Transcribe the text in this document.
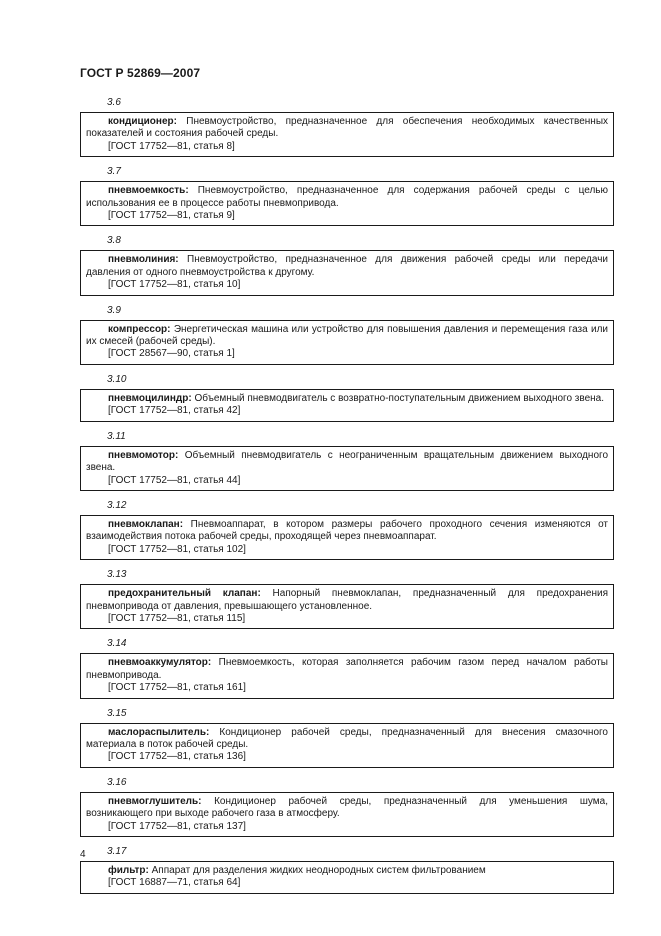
ГОСТ Р 52869—2007
3.6
кондиционер: Пневмоустройство, предназначенное для обеспечения необходимых качественных показателей и состояния рабочей среды.
[ГОСТ 17752—81, статья 8]
3.7
пневмоемкость: Пневмоустройство, предназначенное для содержания рабочей среды с целью использования ее в процессе работы пневмопривода.
[ГОСТ 17752—81, статья 9]
3.8
пневмолиния: Пневмоустройство, предназначенное для движения рабочей среды или передачи давления от одного пневмоустройства к другому.
[ГОСТ 17752—81, статья 10]
3.9
компрессор: Энергетическая машина или устройство для повышения давления и перемещения газа или их смесей (рабочей среды).
[ГОСТ 28567—90, статья 1]
3.10
пневмоцилиндр: Объемный пневмодвигатель с возвратно-поступательным движением выходного звена.
[ГОСТ 17752—81, статья 42]
3.11
пневмомотор: Объемный пневмодвигатель с неограниченным вращательным движением выходного звена.
[ГОСТ 17752—81, статья 44]
3.12
пневмоклапан: Пневмоаппарат, в котором размеры рабочего проходного сечения изменяются от взаимодействия потока рабочей среды, проходящей через пневмоаппарат.
[ГОСТ 17752—81, статья 102]
3.13
предохранительный клапан: Напорный пневмоклапан, предназначенный для предохранения пневмопривода от давления, превышающего установленное.
[ГОСТ 17752—81, статья 115]
3.14
пневмоаккумулятор: Пневмоемкость, которая заполняется рабочим газом перед началом работы пневмопривода.
[ГОСТ 17752—81, статья 161]
3.15
маслораспылитель: Кондиционер рабочей среды, предназначенный для внесения смазочного материала в поток рабочей среды.
[ГОСТ 17752—81, статья 136]
3.16
пневмоглушитель: Кондиционер рабочей среды, предназначенный для уменьшения шума, возникающего при выходе рабочего газа в атмосферу.
[ГОСТ 17752—81, статья 137]
3.17
фильтр: Аппарат для разделения жидких неоднородных систем фильтрованием
[ГОСТ 16887—71, статья 64]
4
